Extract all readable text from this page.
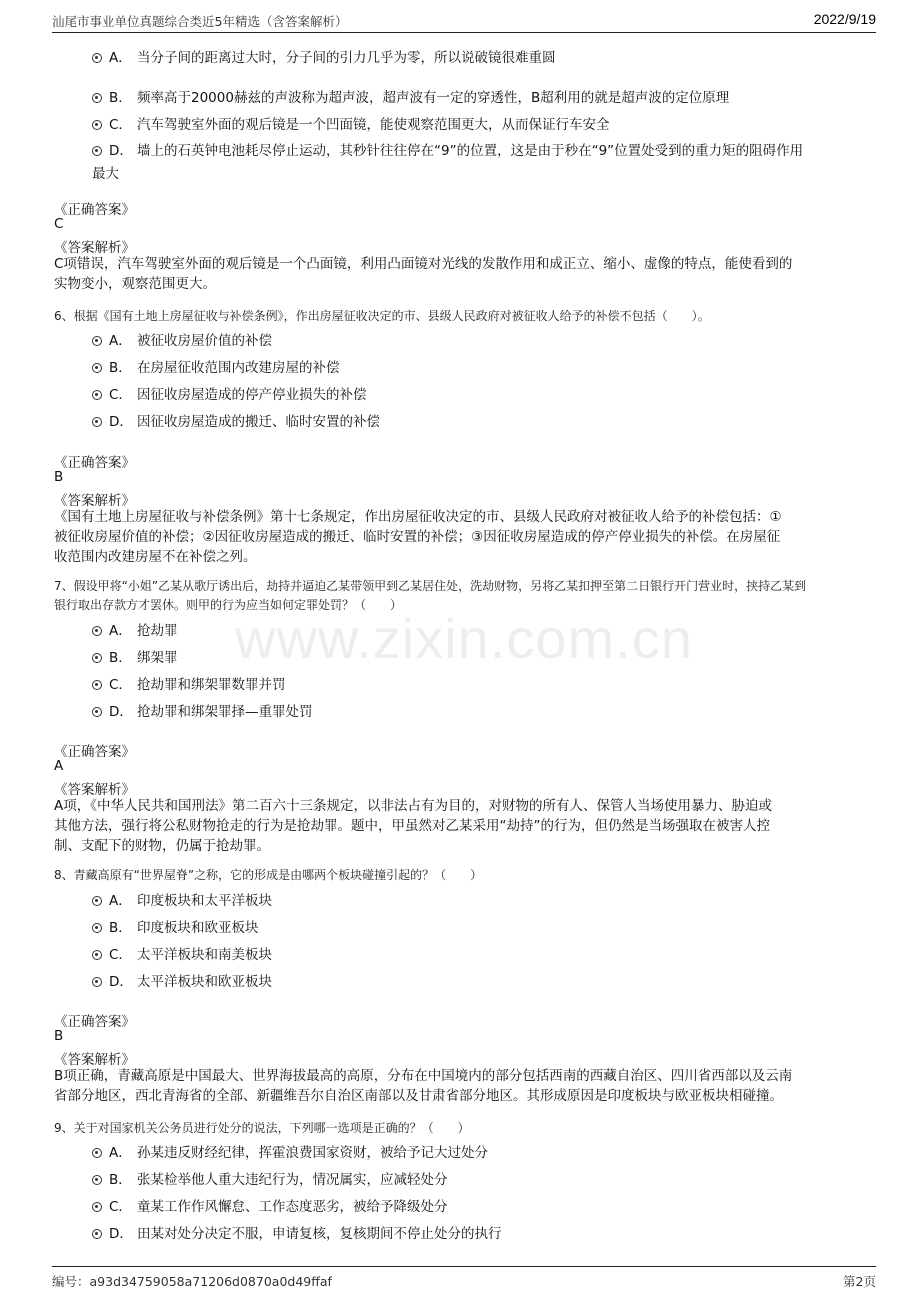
汕尾市事业单位真题综合类近5年精选（含答案解析）	2022/9/19
www.zixin.com.cn
A． 当分子间的距离过大时，分子间的引力几乎为零，所以说破镜很难重圆
B． 频率高于20000赫兹的声波称为超声波，超声波有一定的穿透性，B超利用的就是超声波的定位原理
C． 汽车驾驶室外面的观后镜是一个凹面镜，能使观察范围更大，从而保证行车安全
D． 墙上的石英钟电池耗尽停止运动，其秒针往往停在“9”的位置，这是由于秒在“9”位置处受到的重力矩的阻碍作用
最大
《正确答案》
C
《答案解析》
C项错误，汽车驾驶室外面的观后镜是一个凸面镜，利用凸面镜对光线的发散作用和成正立、缩小、虚像的特点，能使看到的
实物变小，观察范围更大。
6、根据《国有土地上房屋征收与补偿条例》，作出房屋征收决定的市、县级人民政府对被征收人给予的补偿不包括（　　）。
A． 被征收房屋价值的补偿
B． 在房屋征收范围内改建房屋的补偿
C． 因征收房屋造成的停产停业损失的补偿
D． 因征收房屋造成的搬迁、临时安置的补偿
《正确答案》
B
《答案解析》
《国有土地上房屋征收与补偿条例》第十七条规定，作出房屋征收决定的市、县级人民政府对被征收人给予的补偿包括：①
被征收房屋价值的补偿；②因征收房屋造成的搬迁、临时安置的补偿；③因征收房屋造成的停产停业损失的补偿。在房屋征
收范围内改建房屋不在补偿之列。
7、假设甲将“小姐”乙某从歌厅诱出后，劫持并逼迫乙某带领甲到乙某居住处，洗劫财物，另将乙某扣押至第二日银行开门营业时，挟持乙某到
银行取出存款方才罢休。则甲的行为应当如何定罪处罚？（　　）
A． 抢劫罪
B． 绑架罪
C． 抢劫罪和绑架罪数罪并罚
D． 抢劫罪和绑架罪择—重罪处罚
《正确答案》
A
《答案解析》
A项，《中华人民共和国刑法》第二百六十三条规定，以非法占有为目的，对财物的所有人、保管人当场使用暴力、胁迫或
其他方法，强行将公私财物抢走的行为是抢劫罪。题中，甲虽然对乙某采用“劫持”的行为，但仍然是当场强取在被害人控
制、支配下的财物，仍属于抢劫罪。
8、青藏高原有“世界屋脊”之称，它的形成是由哪两个板块碰撞引起的？（　　）
A． 印度板块和太平洋板块
B． 印度板块和欧亚板块
C． 太平洋板块和南美板块
D． 太平洋板块和欧亚板块
《正确答案》
B
《答案解析》
B项正确，青藏高原是中国最大、世界海拔最高的高原，分布在中国境内的部分包括西南的西藏自治区、四川省西部以及云南
省部分地区，西北青海省的全部、新疆维吾尔自治区南部以及甘肃省部分地区。其形成原因是印度板块与欧亚板块相碰撞。
9、关于对国家机关公务员进行处分的说法，下列哪一选项是正确的？（　　）
A． 孙某违反财经纪律，挥霍浪费国家资财，被给予记大过处分
B． 张某检举他人重大违纪行为，情况属实，应减轻处分
C． 童某工作作风懈怠、工作态度恶劣，被给予降级处分
D． 田某对处分决定不服，申请复核，复核期间不停止处分的执行
编号：a93d34759058a71206d0870a0d49ffaf	第2页
